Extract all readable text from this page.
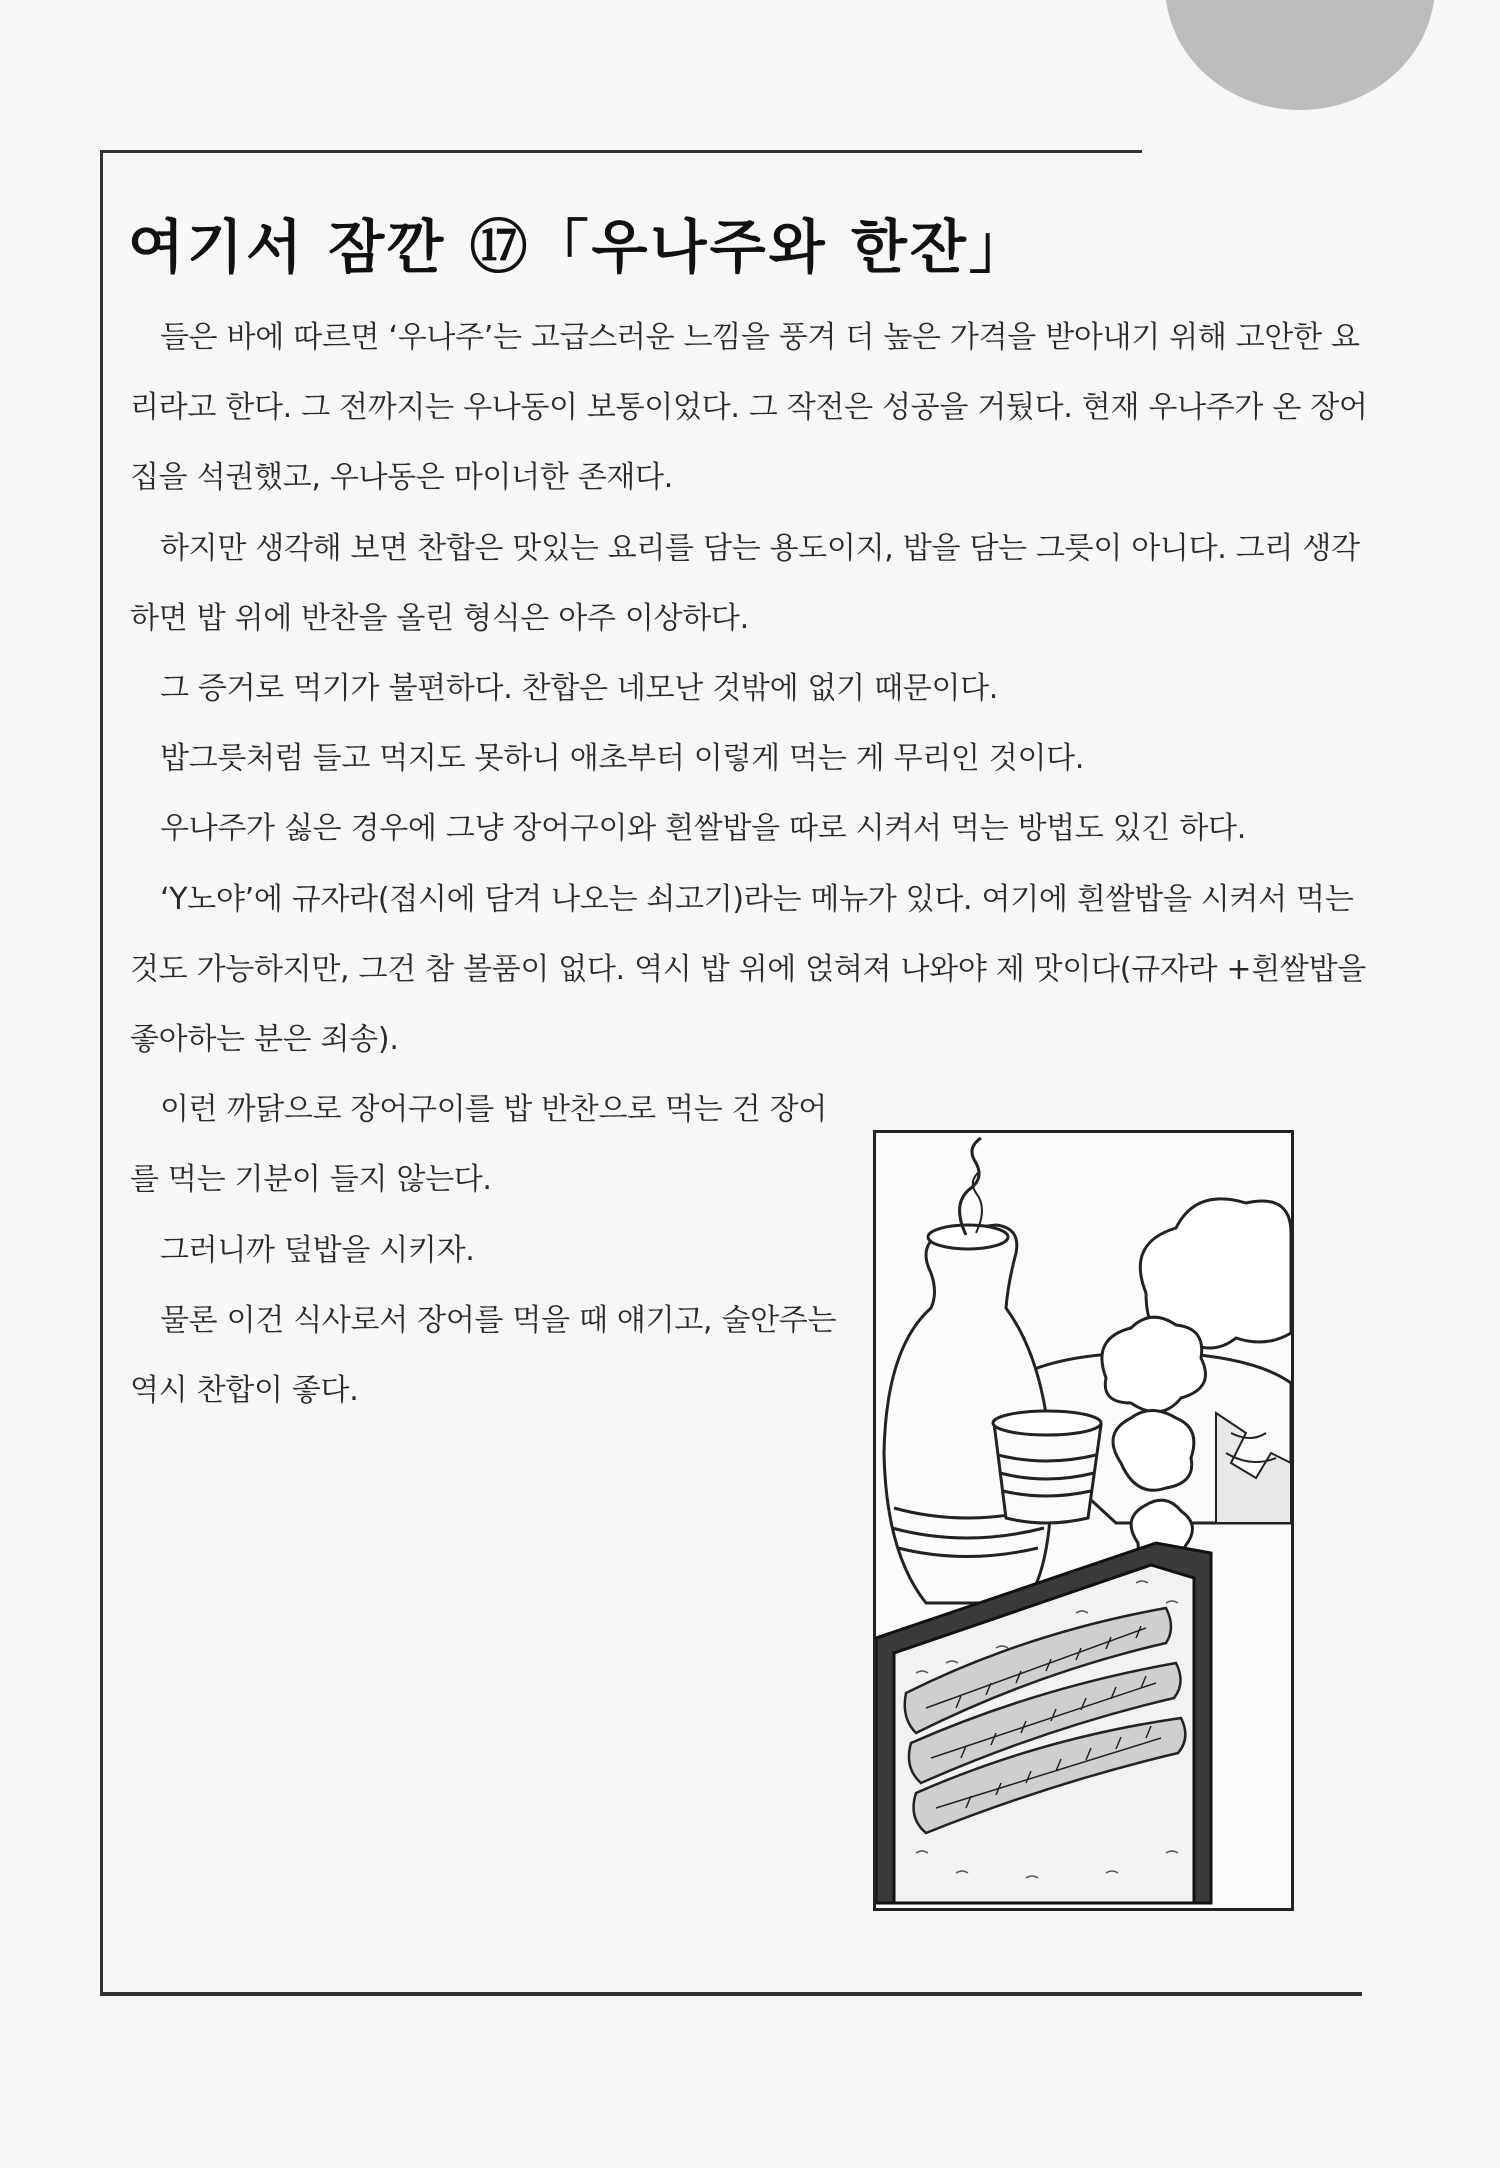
여기서 잠깐 ⑰「우나주와 한잔」

들은 바에 따르면 ‘우나주’는 고급스러운 느낌을 풍겨 더 높은 가격을 받아내기 위해 고안한 요리라고 한다. 그 전까지는 우나동이 보통이었다. 그 작전은 성공을 거뒀다. 현재 우나주가 온 장어집을 석권했고, 우나동은 마이너한 존재다.

하지만 생각해 보면 찬합은 맛있는 요리를 담는 용도이지, 밥을 담는 그릇이 아니다. 그리 생각하면 밥 위에 반찬을 올린 형식은 아주 이상하다.

그 증거로 먹기가 불편하다. 찬합은 네모난 것밖에 없기 때문이다.

밥그릇처럼 들고 먹지도 못하니 애초부터 이렇게 먹는 게 무리인 것이다.

우나주가 싫은 경우에 그냥 장어구이와 흰쌀밥을 따로 시켜서 먹는 방법도 있긴 하다.

‘Y노야’에 규자라(접시에 담겨 나오는 쇠고기)라는 메뉴가 있다. 여기에 흰쌀밥을 시켜서 먹는 것도 가능하지만, 그건 참 볼품이 없다. 역시 밥 위에 얹혀져 나와야 제 맛이다(규자라 +흰쌀밥을 좋아하는 분은 죄송).

이런 까닭으로 장어구이를 밥 반찬으로 먹는 건 장어를 먹는 기분이 들지 않는다.

그러니까 덮밥을 시키자.

물론 이건 식사로서 장어를 먹을 때 얘기고, 술안주는 역시 찬합이 좋다.
